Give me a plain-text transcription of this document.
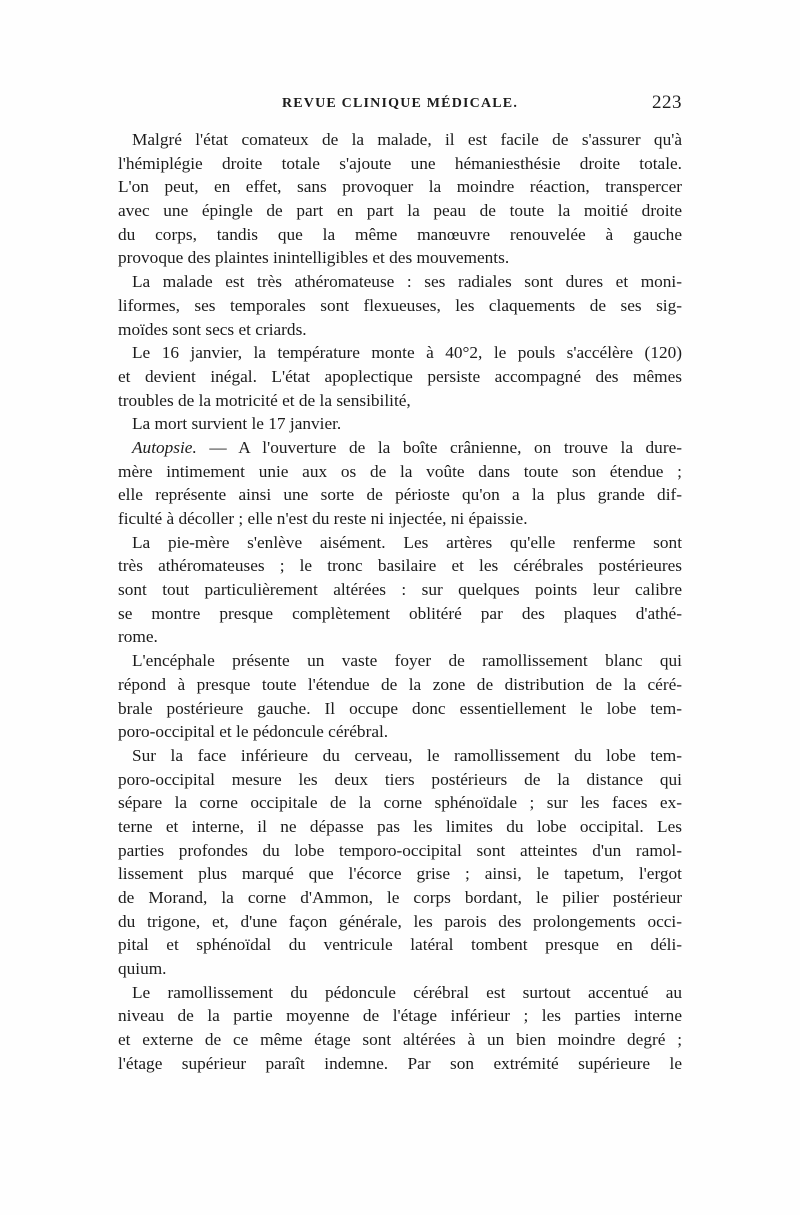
REVUE CLINIQUE MÉDICALE.	223
Malgré l'état comateux de la malade, il est facile de s'assurer qu'à
l'hémiplégie droite totale s'ajoute une hémaniesthésie droite totale.
L'on peut, en effet, sans provoquer la moindre réaction, transpercer
avec une épingle de part en part la peau de toute la moitié droite
du corps, tandis que la même manœuvre renouvelée à gauche
provoque des plaintes inintelligibles et des mouvements.
La malade est très athéromateuse : ses radiales sont dures et moni-
liformes, ses temporales sont flexueuses, les claquements de ses sig-
moïdes sont secs et criards.
Le 16 janvier, la température monte à 40°2, le pouls s'accélère (120)
et devient inégal. L'état apoplectique persiste accompagné des mêmes
troubles de la motricité et de la sensibilité,
La mort survient le 17 janvier.
Autopsie. — A l'ouverture de la boîte crânienne, on trouve la dure-
mère intimement unie aux os de la voûte dans toute son étendue ;
elle représente ainsi une sorte de périoste qu'on a la plus grande dif-
ficulté à décoller ; elle n'est du reste ni injectée, ni épaissie.
La pie-mère s'enlève aisément. Les artères qu'elle renferme sont
très athéromateuses ; le tronc basilaire et les cérébrales postérieures
sont tout particulièrement altérées : sur quelques points leur calibre
se montre presque complètement oblitéré par des plaques d'athé-
rome.
L'encéphale présente un vaste foyer de ramollissement blanc qui
répond à presque toute l'étendue de la zone de distribution de la céré-
brale postérieure gauche. Il occupe donc essentiellement le lobe tem-
poro-occipital et le pédoncule cérébral.
Sur la face inférieure du cerveau, le ramollissement du lobe tem-
poro-occipital mesure les deux tiers postérieurs de la distance qui
sépare la corne occipitale de la corne sphénoïdale ; sur les faces ex-
terne et interne, il ne dépasse pas les limites du lobe occipital. Les
parties profondes du lobe temporo-occipital sont atteintes d'un ramol-
lissement plus marqué que l'écorce grise ; ainsi, le tapetum, l'ergot
de Morand, la corne d'Ammon, le corps bordant, le pilier postérieur
du trigone, et, d'une façon générale, les parois des prolongements occi-
pital et sphénoïdal du ventricule latéral tombent presque en déli-
quium.
Le ramollissement du pédoncule cérébral est surtout accentué au
niveau de la partie moyenne de l'étage inférieur ; les parties interne
et externe de ce même étage sont altérées à un bien moindre degré ;
l'étage supérieur paraît indemne. Par son extrémité supérieure le
